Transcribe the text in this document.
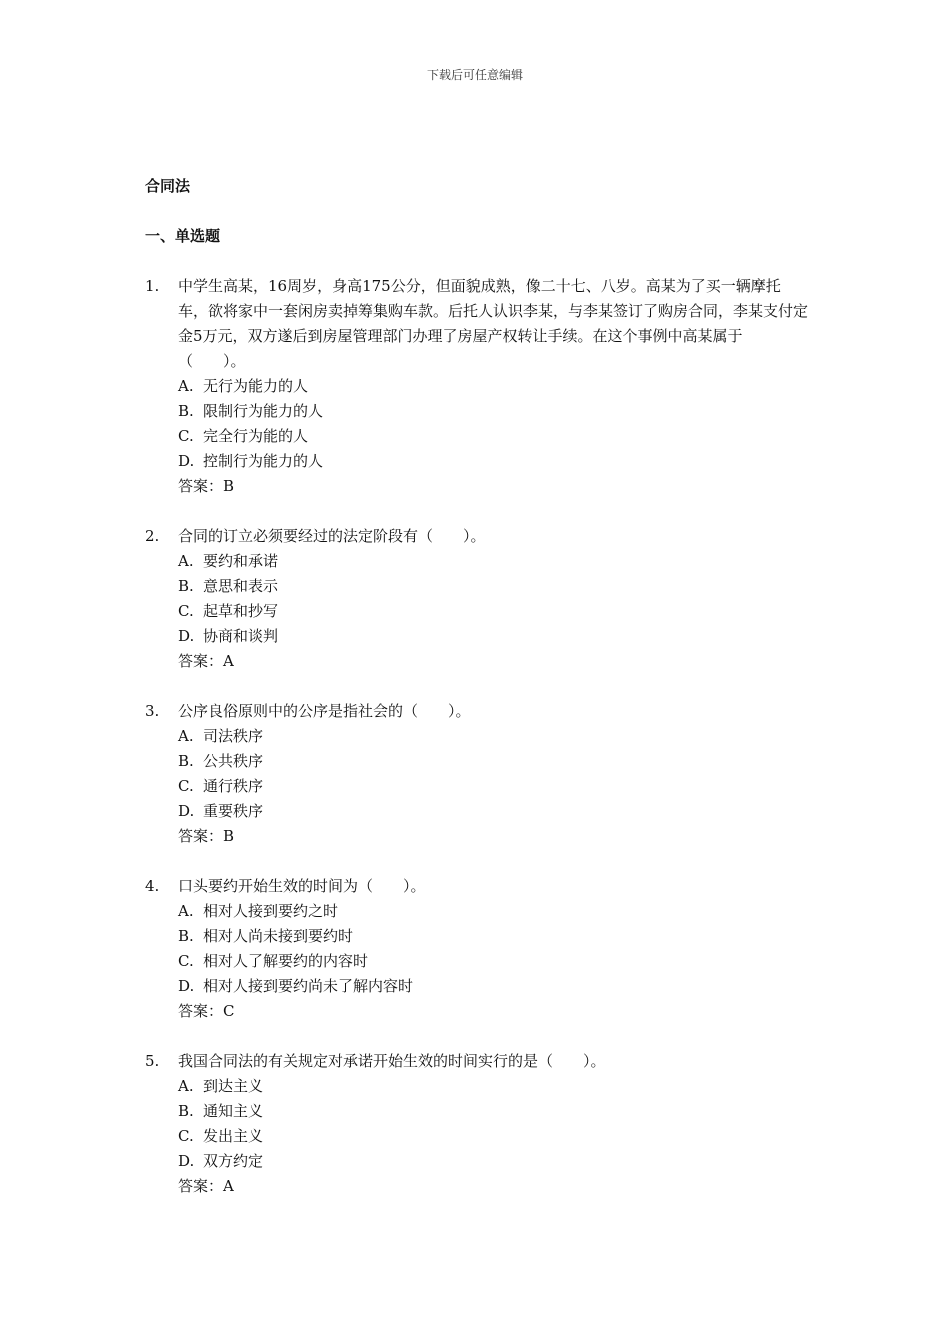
下载后可任意编辑
合同法
一、单选题
1.	中学生高某，16周岁，身高175公分，但面貌成熟，像二十七、八岁。高某为了买一辆摩托车，欲将家中一套闲房卖掉筹集购车款。后托人认识李某，与李某签订了购房合同，李某支付定金5万元，双方遂后到房屋管理部门办理了房屋产权转让手续。在这个事例中高某属于（　　）。
A. 无行为能力的人
B. 限制行为能力的人
C. 完全行为能的人
D. 控制行为能力的人
答案：B
2.	合同的订立必须要经过的法定阶段有（　　）。
A. 要约和承诺
B. 意思和表示
C. 起草和抄写
D. 协商和谈判
答案：A
3.	公序良俗原则中的公序是指社会的（　　）。
A. 司法秩序
B. 公共秩序
C. 通行秩序
D. 重要秩序
答案：B
4.	口头要约开始生效的时间为（　　）。
A. 相对人接到要约之时
B. 相对人尚未接到要约时
C. 相对人了解要约的内容时
D. 相对人接到要约尚未了解内容时
答案：C
5.	我国合同法的有关规定对承诺开始生效的时间实行的是（　　）。
A. 到达主义
B. 通知主义
C. 发出主义
D. 双方约定
答案：A
